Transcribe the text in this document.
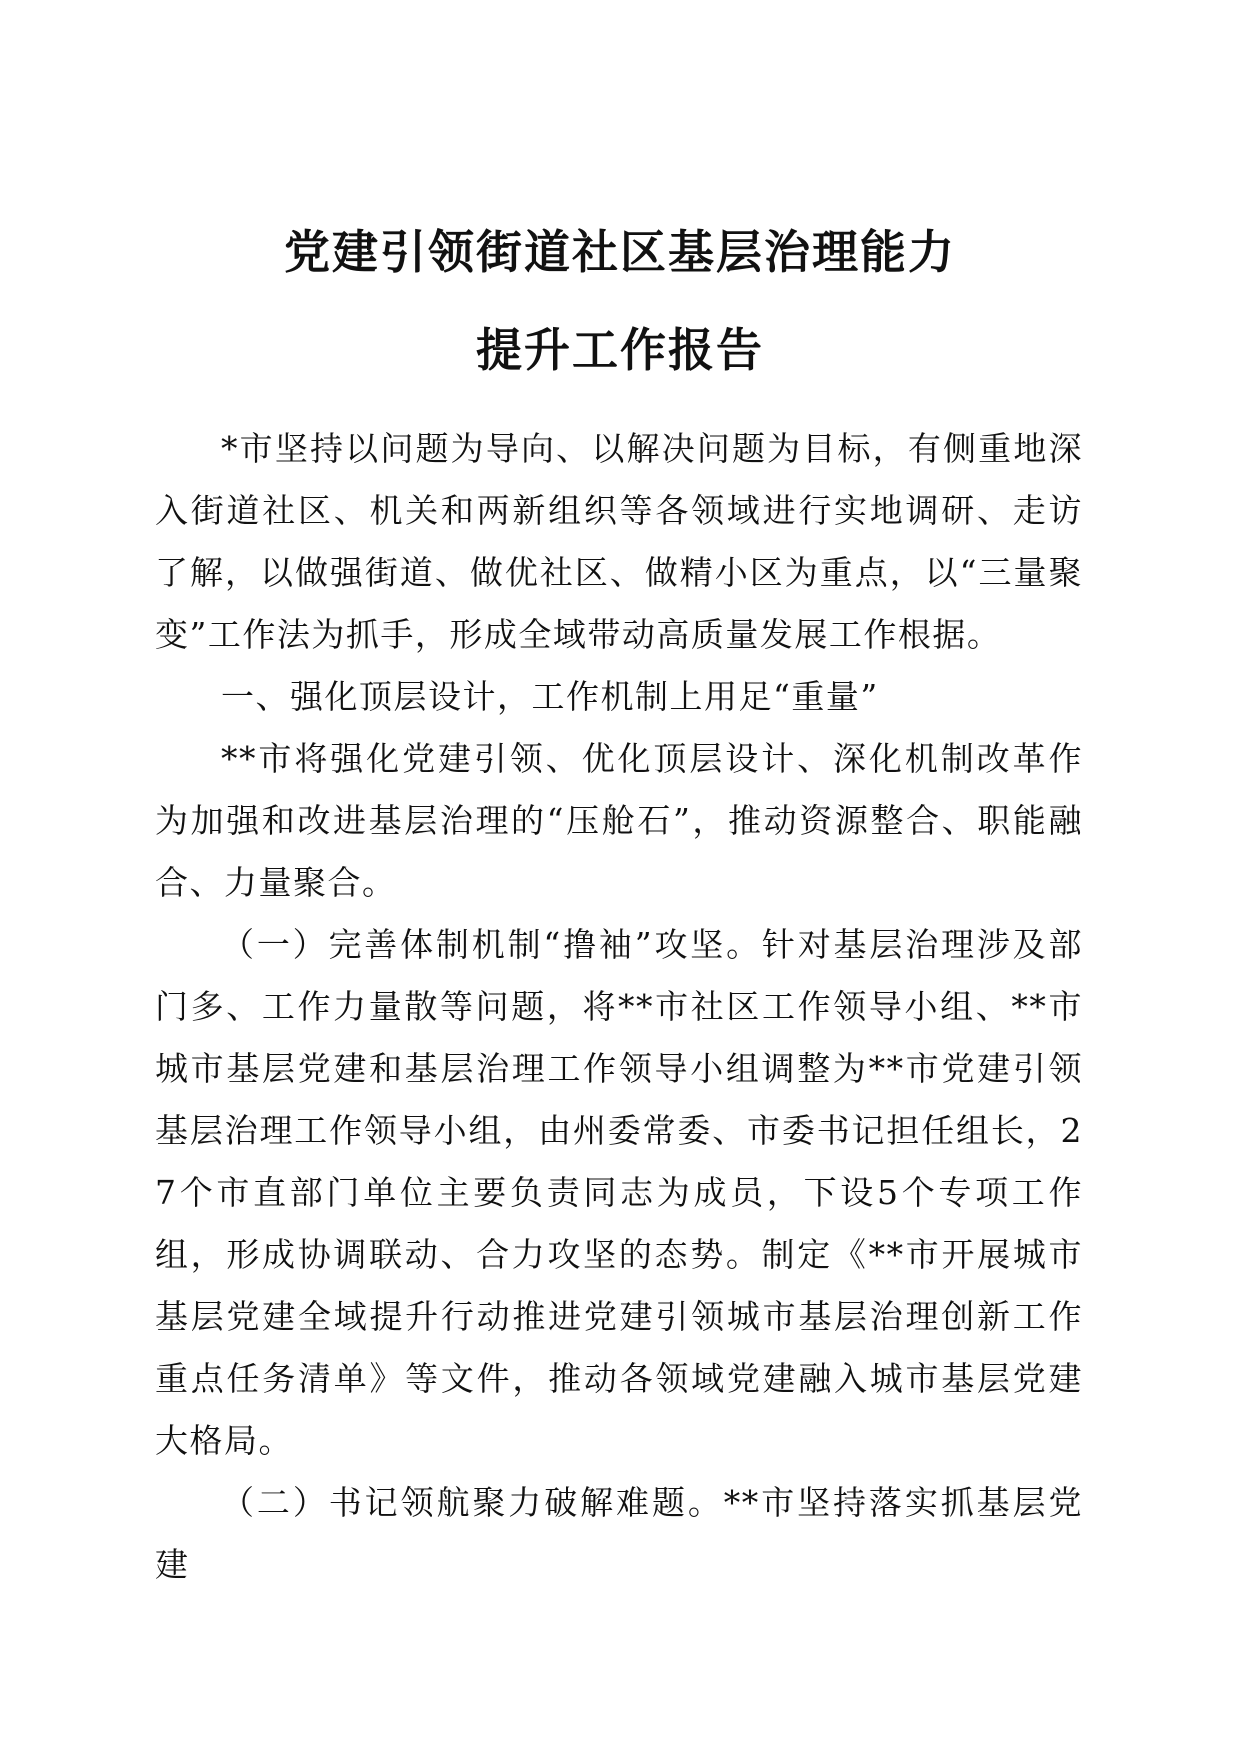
党建引领街道社区基层治理能力
提升工作报告

*市坚持以问题为导向、以解决问题为目标，有侧重地深入街道社区、机关和两新组织等各领域进行实地调研、走访了解，以做强街道、做优社区、做精小区为重点，以“三量聚变”工作法为抓手，形成全域带动高质量发展工作根据。

一、强化顶层设计，工作机制上用足“重量”

**市将强化党建引领、优化顶层设计、深化机制改革作为加强和改进基层治理的“压舱石”，推动资源整合、职能融合、力量聚合。

（一）完善体制机制“撸袖”攻坚。针对基层治理涉及部门多、工作力量散等问题，将**市社区工作领导小组、**市城市基层党建和基层治理工作领导小组调整为**市党建引领基层治理工作领导小组，由州委常委、市委书记担任组长，27个市直部门单位主要负责同志为成员，下设5个专项工作组，形成协调联动、合力攻坚的态势。制定《**市开展城市基层党建全域提升行动推进党建引领城市基层治理创新工作重点任务清单》等文件，推动各领域党建融入城市基层党建大格局。

（二）书记领航聚力破解难题。**市坚持落实抓基层党建
